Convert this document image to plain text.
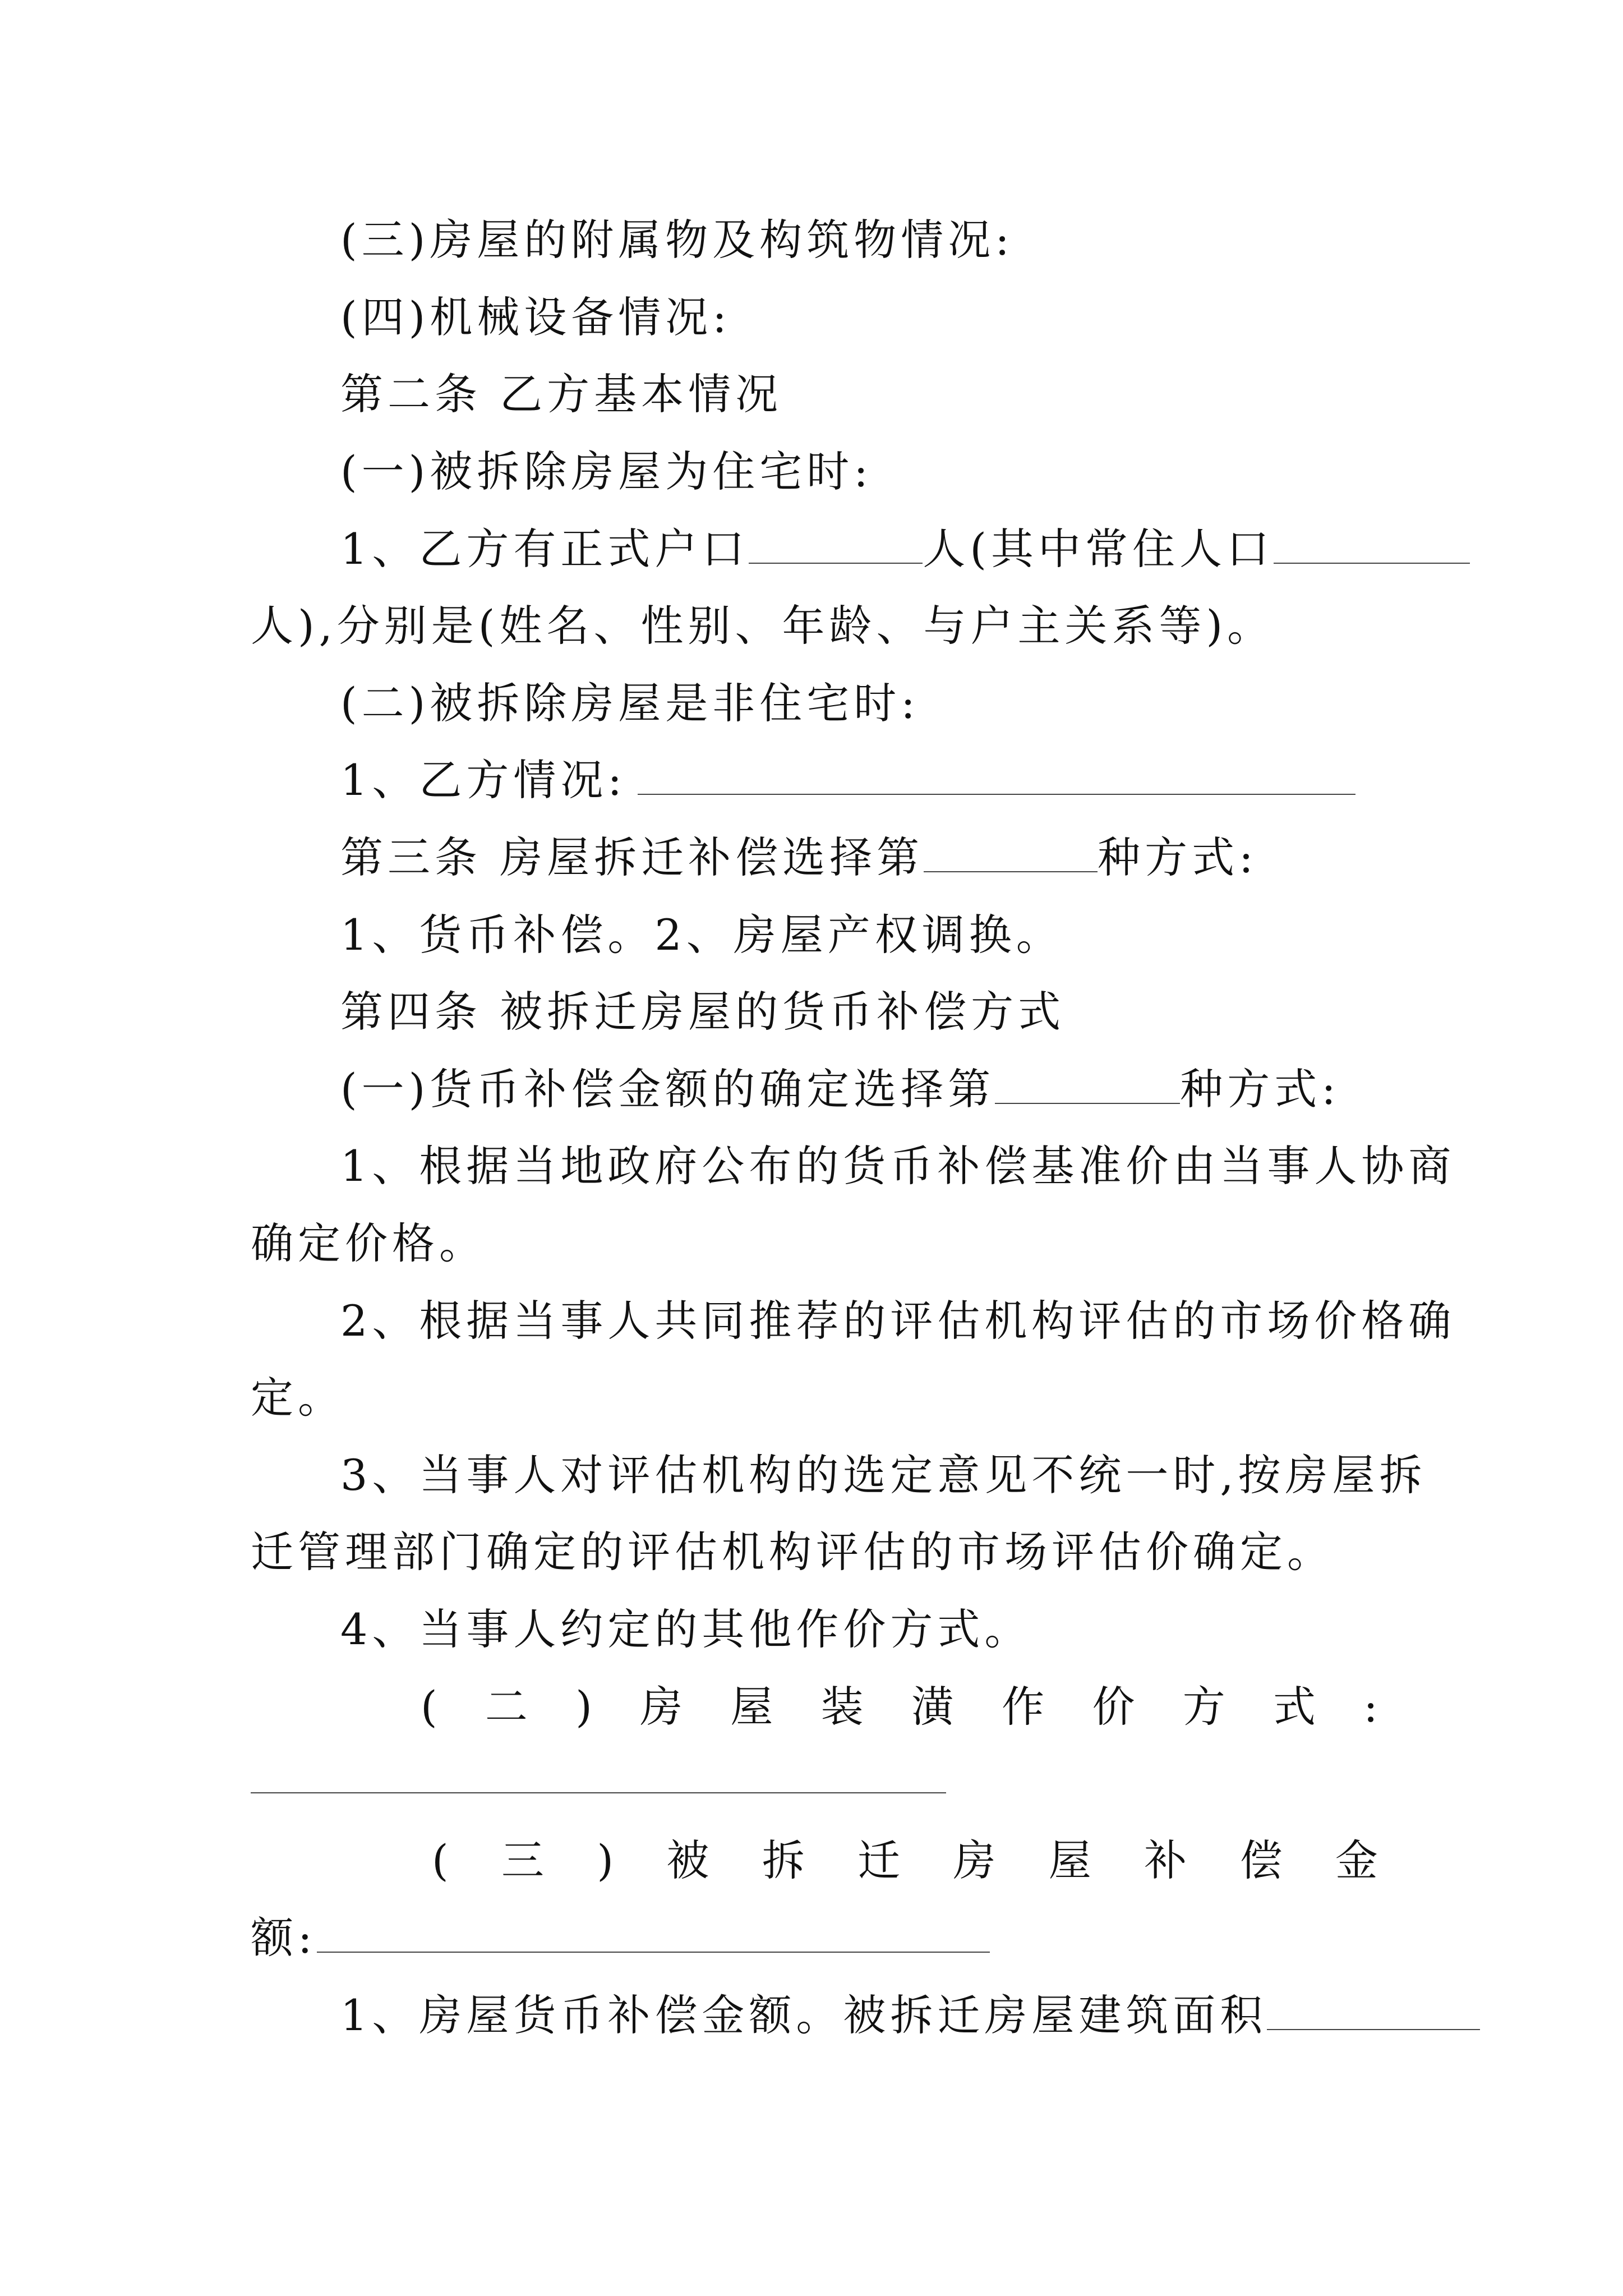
(三)房屋的附属物及构筑物情况:
(四)机械设备情况:
第二条 乙方基本情况
(一)被拆除房屋为住宅时:
1、乙方有正式户口	人(其中常住人口
人),分别是(姓名、性别、年龄、与户主关系等)。
(二)被拆除房屋是非住宅时:
1、乙方情况:
第三条 房屋拆迁补偿选择第	种方式:
1、货币补偿。2、房屋产权调换。
第四条 被拆迁房屋的货币补偿方式
(一)货币补偿金额的确定选择第	种方式:
1、根据当地政府公布的货币补偿基准价由当事人协商
确定价格。
2、根据当事人共同推荐的评估机构评估的市场价格确
定。
3、当事人对评估机构的选定意见不统一时,按房屋拆
迁管理部门确定的评估机构评估的市场评估价确定。
4、当事人约定的其他作价方式。
( 二 ) 房 屋 装 潢 作 价 方 式 :
( 三 ) 被 拆 迁 房 屋 补 偿 金
额:
1、房屋货币补偿金额。被拆迁房屋建筑面积
